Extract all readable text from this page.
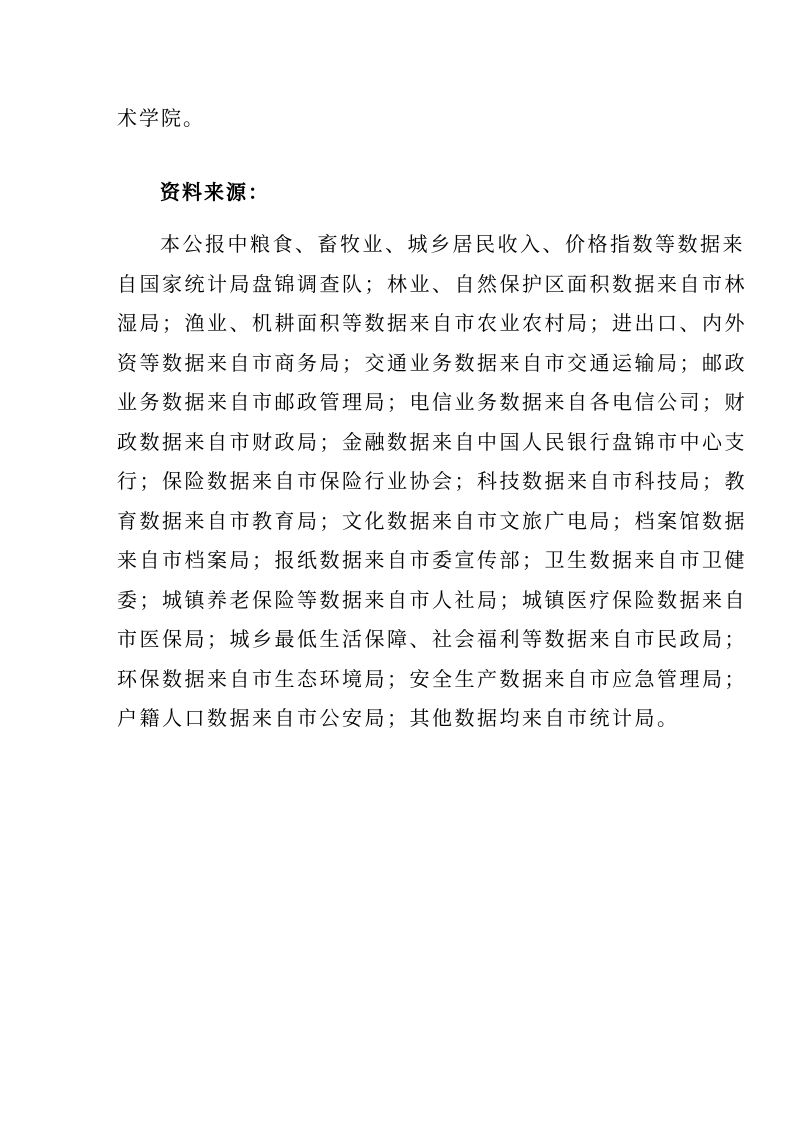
术学院。
资料来源：
本公报中粮食、畜牧业、城乡居民收入、价格指数等数据来
自国家统计局盘锦调查队；林业、自然保护区面积数据来自市林
湿局；渔业、机耕面积等数据来自市农业农村局；进出口、内外
资等数据来自市商务局；交通业务数据来自市交通运输局；邮政
业务数据来自市邮政管理局；电信业务数据来自各电信公司；财
政数据来自市财政局；金融数据来自中国人民银行盘锦市中心支
行；保险数据来自市保险行业协会；科技数据来自市科技局；教
育数据来自市教育局；文化数据来自市文旅广电局；档案馆数据
来自市档案局；报纸数据来自市委宣传部；卫生数据来自市卫健
委；城镇养老保险等数据来自市人社局；城镇医疗保险数据来自
市医保局；城乡最低生活保障、社会福利等数据来自市民政局；
环保数据来自市生态环境局；安全生产数据来自市应急管理局；
户籍人口数据来自市公安局；其他数据均来自市统计局。
